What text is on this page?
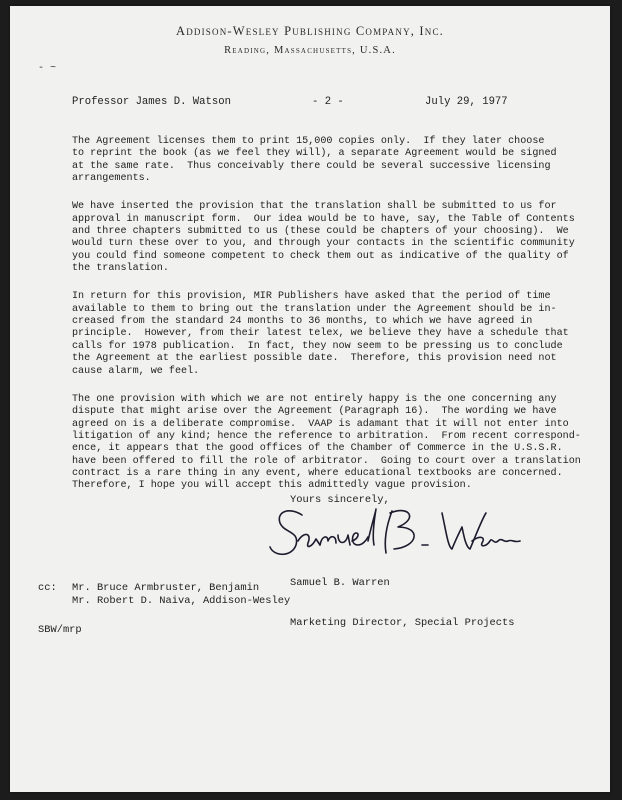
Addison-Wesley Publishing Company, Inc.
Reading, Massachusetts, U.S.A.
- ~
Professor James D. Watson	- 2 -	July 29, 1977

The Agreement licenses them to print 15,000 copies only.  If they later choose
to reprint the book (as we feel they will), a separate Agreement would be signed
at the same rate.  Thus conceivably there could be several successive licensing
arrangements.

We have inserted the provision that the translation shall be submitted to us for
approval in manuscript form.  Our idea would be to have, say, the Table of Contents
and three chapters submitted to us (these could be chapters of your choosing).  We
would turn these over to you, and through your contacts in the scientific community
you could find someone competent to check them out as indicative of the quality of
the translation.

In return for this provision, MIR Publishers have asked that the period of time
available to them to bring out the translation under the Agreement should be in-
creased from the standard 24 months to 36 months, to which we have agreed in
principle.  However, from their latest telex, we believe they have a schedule that
calls for 1978 publication.  In fact, they now seem to be pressing us to conclude
the Agreement at the earliest possible date.  Therefore, this provision need not
cause alarm, we feel.

The one provision with which we are not entirely happy is the one concerning any
dispute that might arise over the Agreement (Paragraph 16).  The wording we have
agreed on is a deliberate compromise.  VAAP is adamant that it will not enter into
litigation of any kind; hence the reference to arbitration.  From recent correspond-
ence, it appears that the good offices of the Chamber of Commerce in the U.S.S.R.
have been offered to fill the role of arbitrator.  Going to court over a translation
contract is a rare thing in any event, where educational textbooks are concerned.
Therefore, I hope you will accept this admittedly vague provision.

Yours sincerely,

Samuel B. Warren

Marketing Director, Special Projects

cc: Mr. Bruce Armbruster, Benjamin
Mr. Robert D. Naiva, Addison-Wesley
SBW/mrp
